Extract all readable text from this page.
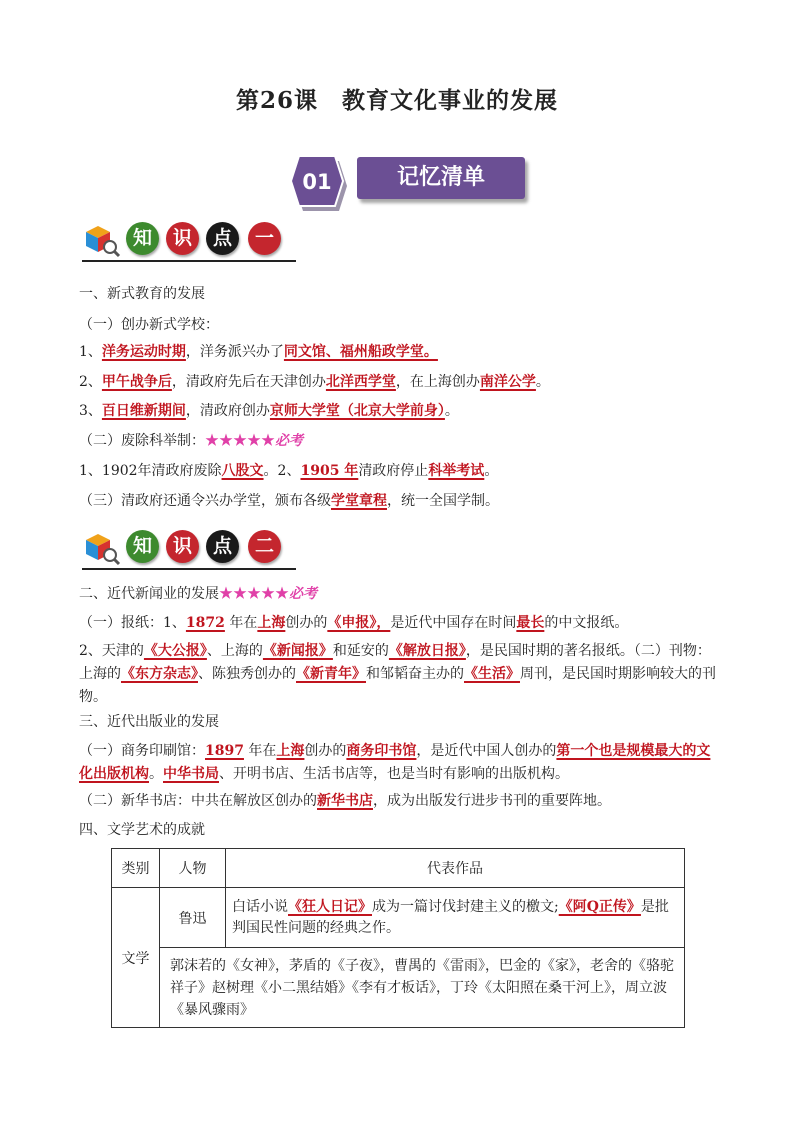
第26课 教育文化事业的发展
01	记忆清单
知	识	点	一
一、新式教育的发展
（一）创办新式学校：
1、洋务运动时期，洋务派兴办了同文馆、福州船政学堂。
2、甲午战争后，清政府先后在天津创办北洋西学堂，在上海创办南洋公学。
3、百日维新期间，清政府创办京师大学堂（北京大学前身）。
（二）废除科举制：★★★★★必考
1、1902年清政府废除八股文。2、1905 年清政府停止科举考试。
（三）清政府还通令兴办学堂，颁布各级学堂章程，统一全国学制。
知	识	点	二
二、近代新闻业的发展★★★★★必考
（一）报纸：1、1872 年在上海创办的《申报》，是近代中国存在时间最长的中文报纸。
2、天津的《大公报》、上海的《新闻报》和延安的《解放日报》，是民国时期的著名报纸。（二）刊物：上海的《东方杂志》、陈独秀创办的《新青年》和邹韬奋主办的《生活》周刊，是民国时期影响较大的刊物。
三、近代出版业的发展
（一）商务印刷馆：1897 年在上海创办的商务印书馆，是近代中国人创办的第一个也是规模最大的文化出版机构。中华书局、开明书店、生活书店等，也是当时有影响的出版机构。
（二）新华书店：中共在解放区创办的新华书店，成为出版发行进步书刊的重要阵地。
四、文学艺术的成就
类别	人物	代表作品
文学	鲁迅	白话小说《狂人日记》成为一篇讨伐封建主义的檄文;《阿Q正传》是批判国民性问题的经典之作。
	郭沫若的《女神》，茅盾的《子夜》，曹禺的《雷雨》，巴金的《家》，老舍的《骆驼祥子》赵树理《小二黑结婚》《李有才板话》，丁玲《太阳照在桑干河上》，周立波《暴风骤雨》	
